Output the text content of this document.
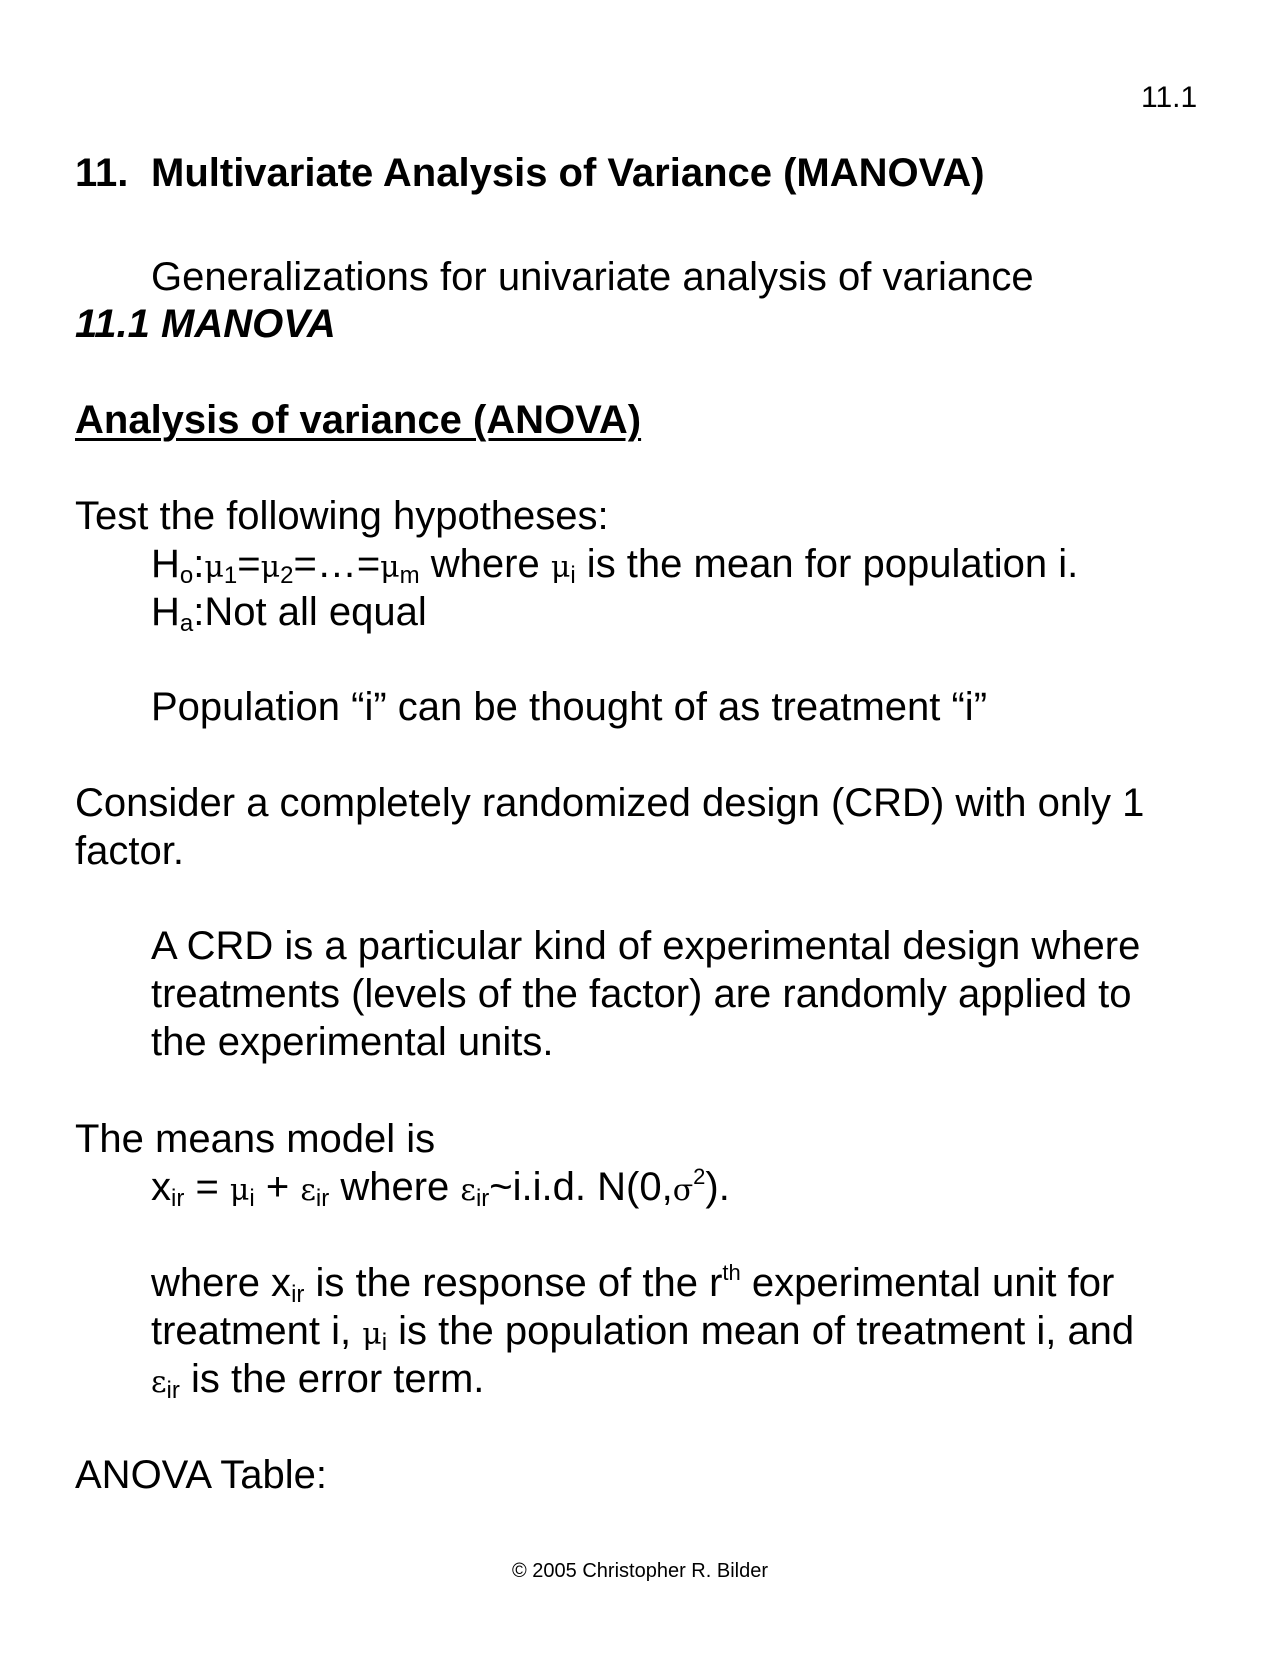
11.1
11. Multivariate Analysis of Variance (MANOVA)
Generalizations for univariate analysis of variance
11.1 MANOVA
Analysis of variance (ANOVA)
Test the following hypotheses:
$H_o:\mu_1=\mu_2=\dots=\mu_m$ where $\mu_i$ is the mean for population i.
$H_a:Not$ all equal
Population “i” can be thought of as treatment “i”
Consider a completely randomized design (CRD) with only 1
factor.
A CRD is a particular kind of experimental design where
treatments (levels of the factor) are randomly applied to
the experimental units.
The means model is
$x_{ir} = \mu_i + \varepsilon_{ir}$ where $\varepsilon_{ir}\sim i.i.d$. $N(0,\sigma^2)$.
where $x_{ir}$ is the response of the $r^{th}$ experimental unit for
treatment i, $\mu_i$ is the population mean of treatment i, and
$\varepsilon_{ir}$ is the error term.
ANOVA Table:
© 2005 Christopher R. Bilder
